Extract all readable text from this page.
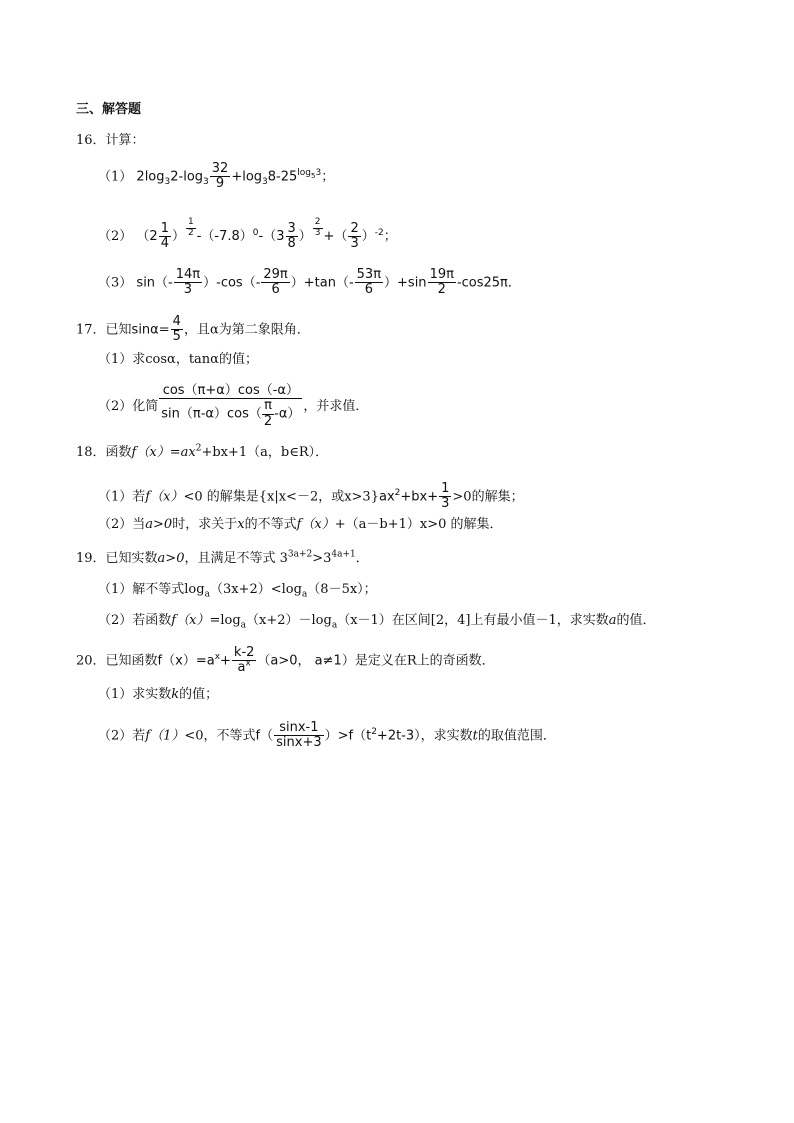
三、解答题
16．计算：
（1） $2\log_32-\log_3 \frac{32}{9} +\log_38-25^{log_53}$；
（2） （$2 \frac{1}{4}$ ） $\frac{1}{2} -(-7.8)^0-(3 \frac{3}{8}$ ） $\frac{2}{3}$ +（ $\frac{2}{3} )^{-2}$；
（3） $\sin(- \frac{14\pi}{3} )-\cos(- \frac{29\pi}{6} )+\tan(- \frac{53\pi}{6} )+\sin \frac{19\pi}{2} -\cos 25\pi$．
17．已知$\sin\alpha= \frac{4}{5}$ ，且α为第二象限角．
（1）求cosα，tanα的值；
（2）化简 $\frac{\cos(\pi+\alpha)\cos(-\alpha)}{\sin(\pi-\alpha)\cos( \frac{\pi}{2} -\alpha)}$ ，并求值．
18．函数$f(x)=ax^2+bx+1(a$，b∈R）．
（1）若f（x）<0 的解集是{x|x<－2，或$x>3\}ax^2+bx+ \frac{1}{3} >0$的解集；
（2）当a>0时，求关于x的不等式f（x）+（a－b+1）x>0 的解集．
19．已知实数a>0，且满足不等式 $3^{3a+2}>3^{4a+1}$．
（1）解不等式$\log_a(3x+2)<\log_a(8-5x)$；
（2）若函数$f(x)=\log_a(x+2)-\log_a(x-1)$在区间[2，4]上有最小值－1，求实数a的值．
20．已知函数$f(x)=a^x+ \frac{k-2}{a^x} (a>0$， a≠1）是定义在R上的奇函数．
（1）求实数k的值；
（2）若f（1）<0，不等式$f( \frac{\sin x-1}{\sin x+3} )>f(t^2+2t-3)$，求实数t的取值范围．
